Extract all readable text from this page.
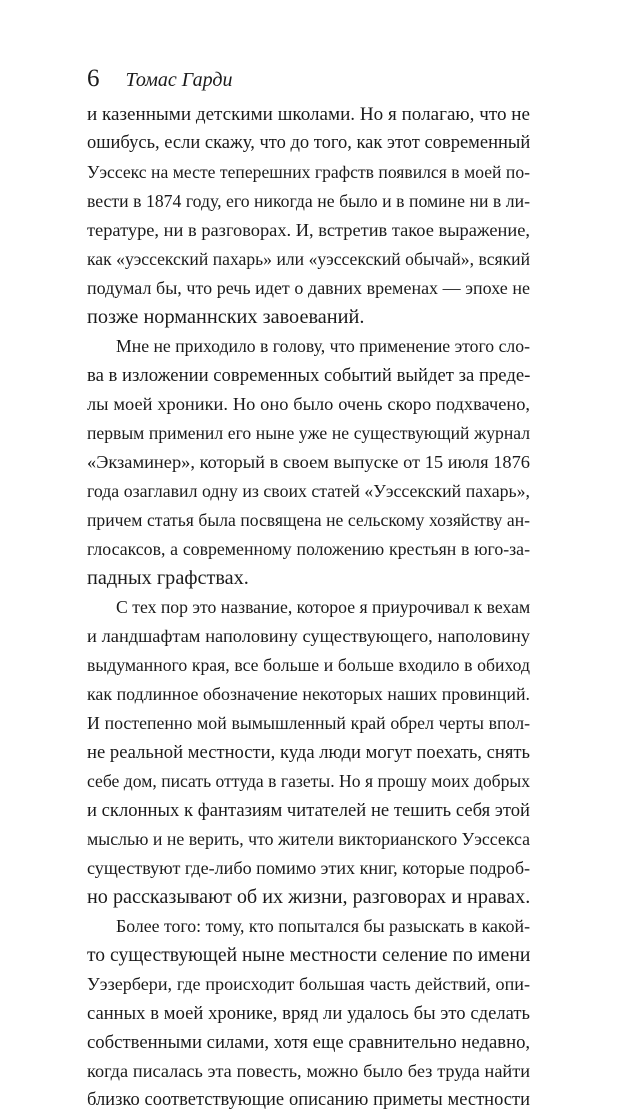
6 Томас Гарди
и казенными детскими школами. Но я полагаю, что не
ошибусь, если скажу, что до того, как этот современный
Уэссекс на месте теперешних графств появился в моей по-
вести в 1874 году, его никогда не было и в помине ни в ли-
тературе, ни в разговорах. И, встретив такое выражение,
как «уэссекский пахарь» или «уэссекский обычай», всякий
подумал бы, что речь идет о давних временах — эпохе не
позже норманнских завоеваний.
Мне не приходило в голову, что применение этого сло-
ва в изложении современных событий выйдет за преде-
лы моей хроники. Но оно было очень скоро подхвачено,
первым применил его ныне уже не существующий журнал
«Экзаминер», который в своем выпуске от 15 июля 1876
года озаглавил одну из своих статей «Уэссекский пахарь»,
причем статья была посвящена не сельскому хозяйству ан-
глосаксов, а современному положению крестьян в юго-за-
падных графствах.
С тех пор это название, которое я приурочивал к вехам
и ландшафтам наполовину существующего, наполовину
выдуманного края, все больше и больше входило в обиход
как подлинное обозначение некоторых наших провинций.
И постепенно мой вымышленный край обрел черты впол-
не реальной местности, куда люди могут поехать, снять
себе дом, писать оттуда в газеты. Но я прошу моих добрых
и склонных к фантазиям читателей не тешить себя этой
мыслью и не верить, что жители викторианского Уэссекса
существуют где-либо помимо этих книг, которые подроб-
но рассказывают об их жизни, разговорах и нравах.
Более того: тому, кто попытался бы разыскать в какой-
то существующей ныне местности селение по имени
Уэзербери, где происходит большая часть действий, опи-
санных в моей хронике, вряд ли удалось бы это сделать
собственными силами, хотя еще сравнительно недавно,
когда писалась эта повесть, можно было без труда найти
близко соответствующие описанию приметы местности
